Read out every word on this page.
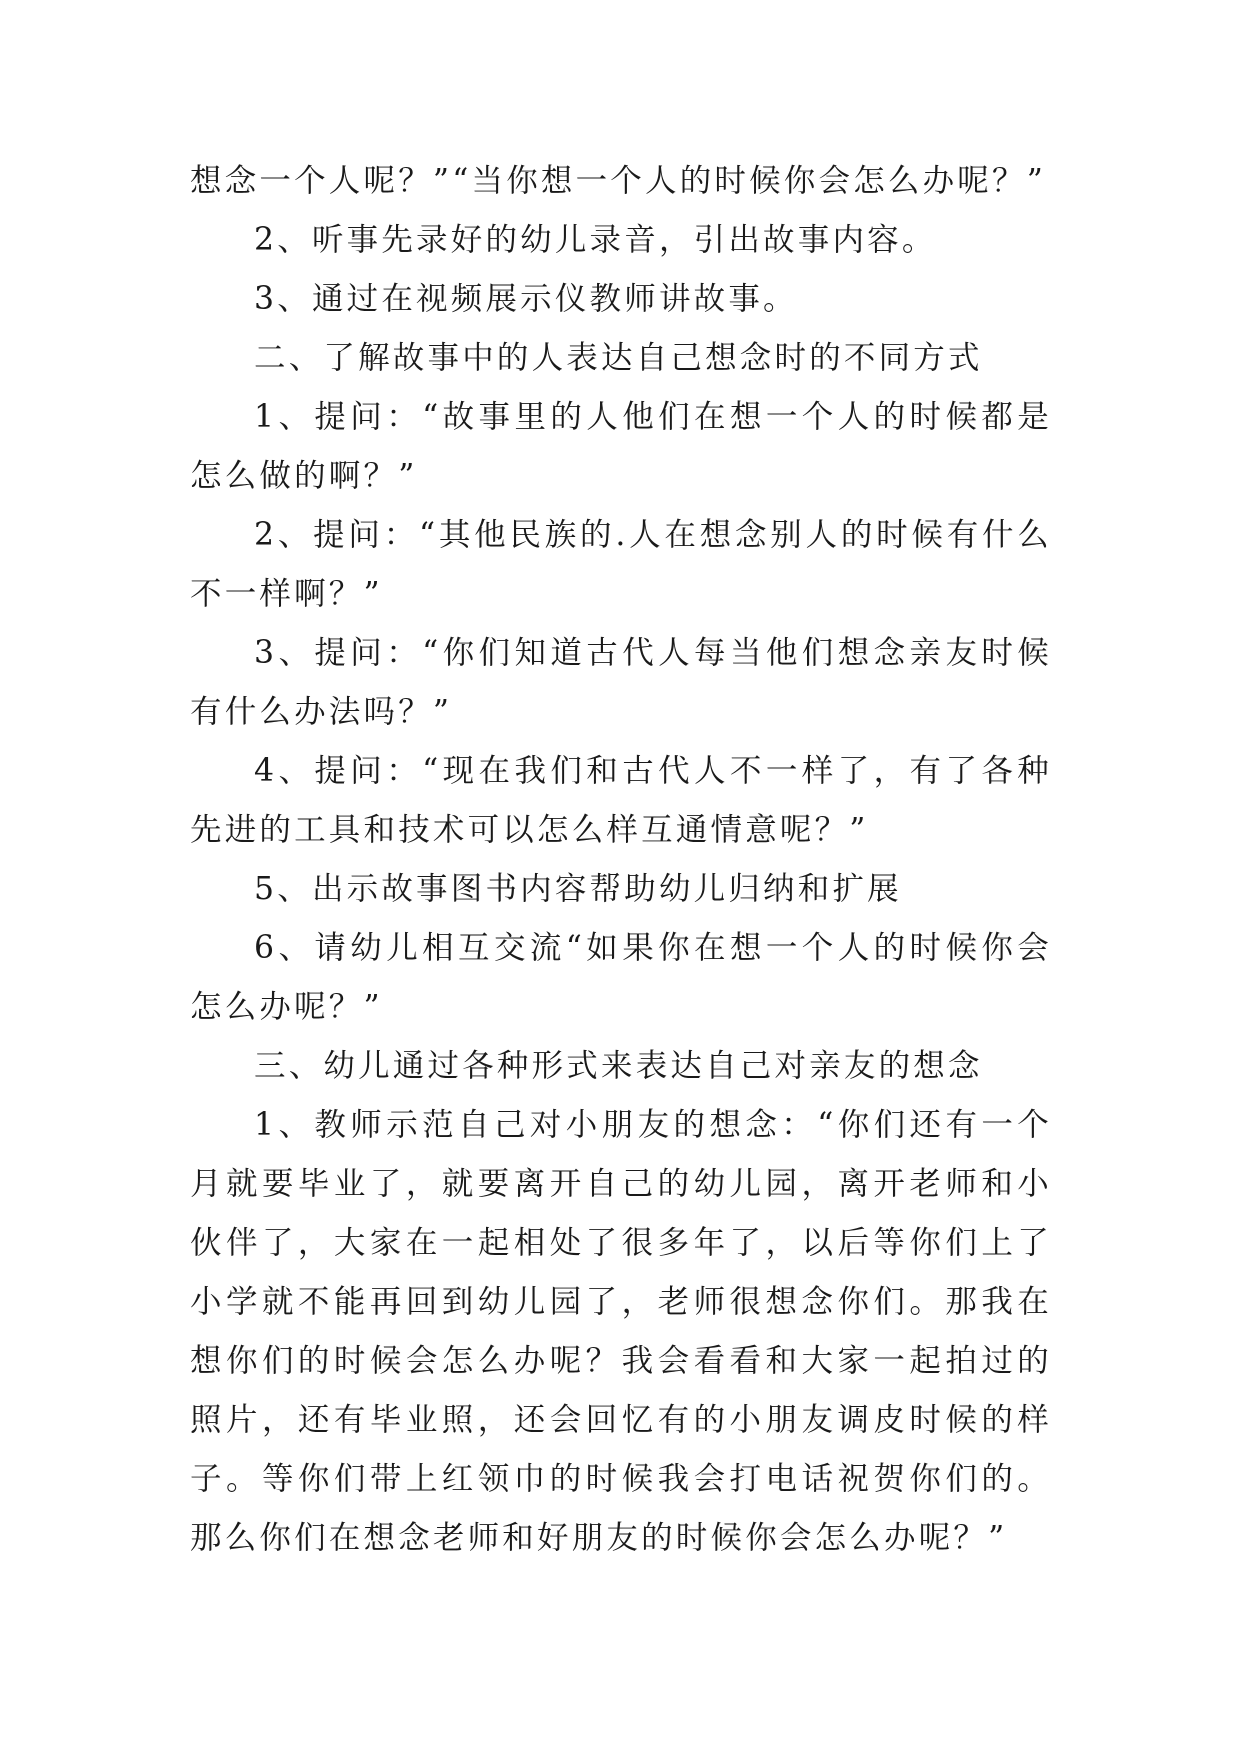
想念一个人呢？”“当你想一个人的时候你会怎么办呢？”

2、听事先录好的幼儿录音，引出故事内容。

3、通过在视频展示仪教师讲故事。

二、了解故事中的人表达自己想念时的不同方式

1、提问：“故事里的人他们在想一个人的时候都是怎么做的啊？”

2、提问：“其他民族的.人在想念别人的时候有什么不一样啊？”

3、提问：“你们知道古代人每当他们想念亲友时候有什么办法吗？”

4、提问：“现在我们和古代人不一样了，有了各种先进的工具和技术可以怎么样互通情意呢？”

5、出示故事图书内容帮助幼儿归纳和扩展

6、请幼儿相互交流“如果你在想一个人的时候你会怎么办呢？”

三、幼儿通过各种形式来表达自己对亲友的想念

1、教师示范自己对小朋友的想念：“你们还有一个月就要毕业了，就要离开自己的幼儿园，离开老师和小伙伴了，大家在一起相处了很多年了，以后等你们上了小学就不能再回到幼儿园了，老师很想念你们。那我在想你们的时候会怎么办呢？我会看看和大家一起拍过的照片，还有毕业照，还会回忆有的小朋友调皮时候的样子。等你们带上红领巾的时候我会打电话祝贺你们的。那么你们在想念老师和好朋友的时候你会怎么办呢？”
